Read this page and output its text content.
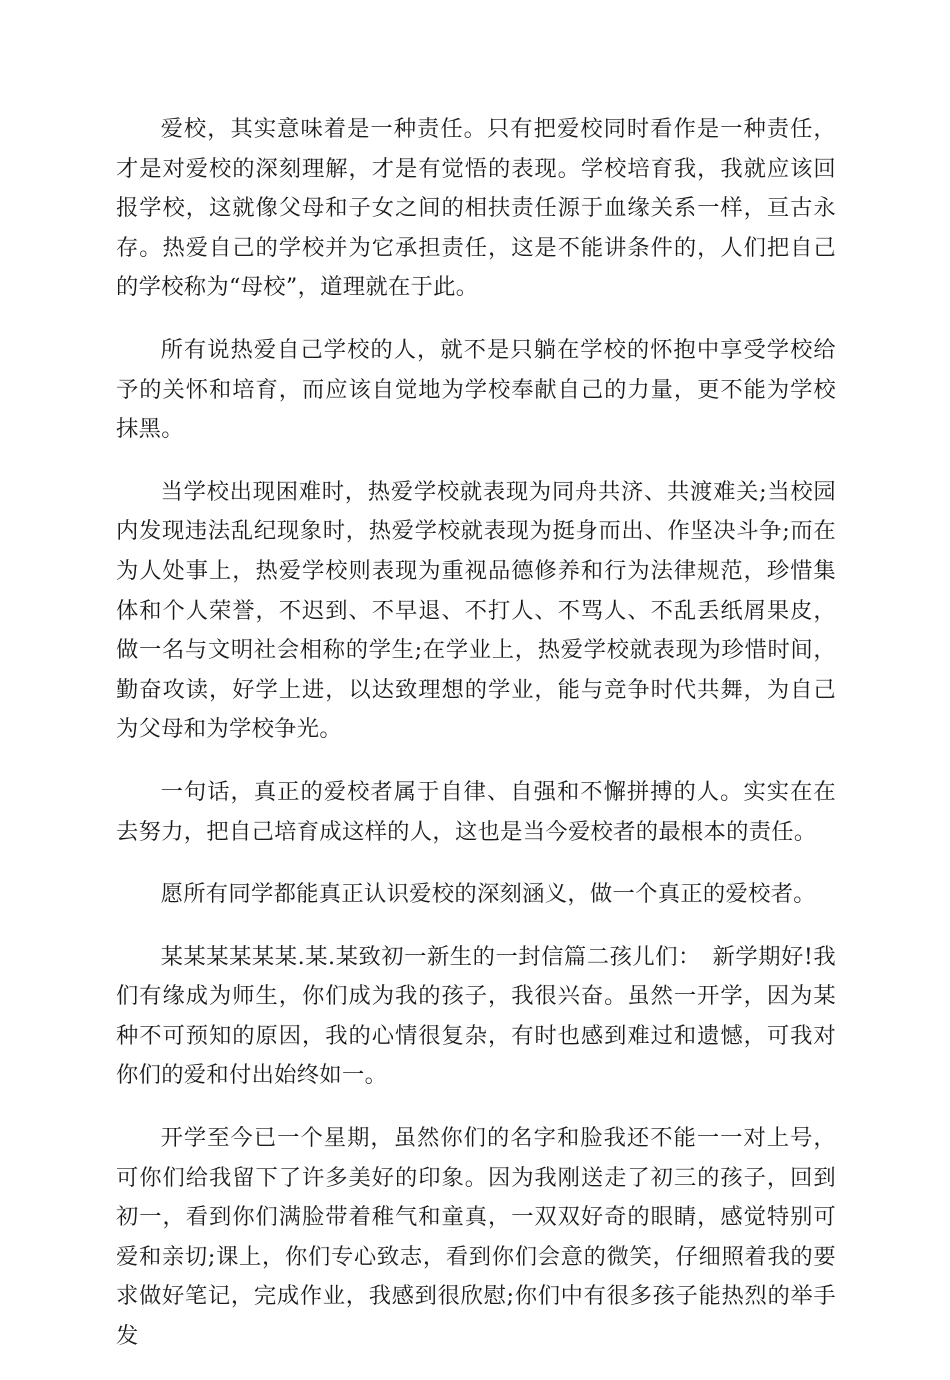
爱校，其实意味着是一种责任。只有把爱校同时看作是一种责任，才是对爱校的深刻理解，才是有觉悟的表现。学校培育我，我就应该回报学校，这就像父母和子女之间的相扶责任源于血缘关系一样，亘古永存。热爱自己的学校并为它承担责任，这是不能讲条件的，人们把自己的学校称为“母校”，道理就在于此。

所有说热爱自己学校的人，就不是只躺在学校的怀抱中享受学校给予的关怀和培育，而应该自觉地为学校奉献自己的力量，更不能为学校抹黑。

当学校出现困难时，热爱学校就表现为同舟共济、共渡难关;当校园内发现违法乱纪现象时，热爱学校就表现为挺身而出、作坚决斗争;而在为人处事上，热爱学校则表现为重视品德修养和行为法律规范，珍惜集体和个人荣誉，不迟到、不早退、不打人、不骂人、不乱丢纸屑果皮，做一名与文明社会相称的学生;在学业上，热爱学校就表现为珍惜时间，勤奋攻读，好学上进，以达致理想的学业，能与竞争时代共舞，为自己为父母和为学校争光。

一句话，真正的爱校者属于自律、自强和不懈拼搏的人。实实在在去努力，把自己培育成这样的人，这也是当今爱校者的最根本的责任。

愿所有同学都能真正认识爱校的深刻涵义，做一个真正的爱校者。

某某某某某某.某.某致初一新生的一封信篇二孩儿们：　新学期好!我们有缘成为师生，你们成为我的孩子，我很兴奋。虽然一开学，因为某种不可预知的原因，我的心情很复杂，有时也感到难过和遗憾，可我对你们的爱和付出始终如一。

开学至今已一个星期，虽然你们的名字和脸我还不能一一对上号，可你们给我留下了许多美好的印象。因为我刚送走了初三的孩子，回到初一，看到你们满脸带着稚气和童真，一双双好奇的眼睛，感觉特别可爱和亲切;课上，你们专心致志，看到你们会意的微笑，仔细照着我的要求做好笔记，完成作业，我感到很欣慰;你们中有很多孩子能热烈的举手发
